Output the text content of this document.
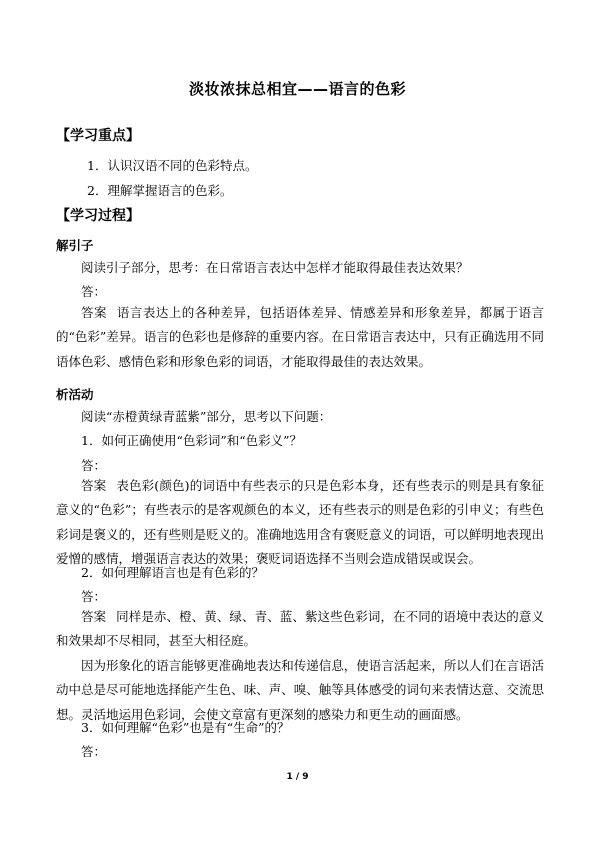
淡妆浓抹总相宜——语言的色彩
【学习重点】
1．认识汉语不同的色彩特点。
2．理解掌握语言的色彩。
【学习过程】
解引子
阅读引子部分，思考：在日常语言表达中怎样才能取得最佳表达效果？
答：
答案 语言表达上的各种差异，包括语体差异、情感差异和形象差异，都属于语言的“色彩”差异。语言的色彩也是修辞的重要内容。在日常语言表达中，只有正确选用不同语体色彩、感情色彩和形象色彩的词语，才能取得最佳的表达效果。
析活动
阅读“赤橙黄绿青蓝紫”部分，思考以下问题：
1．如何正确使用“色彩词”和“色彩义”？
答：
答案 表色彩(颜色)的词语中有些表示的只是色彩本身，还有些表示的则是具有象征意义的“色彩”；有些表示的是客观颜色的本义，还有些表示的则是色彩的引申义；有些色彩词是褒义的，还有些则是贬义的。准确地选用含有褒贬意义的词语，可以鲜明地表现出爱憎的感情，增强语言表达的效果；褒贬词语选择不当则会造成错误或误会。
2．如何理解语言也是有色彩的？
答：
答案 同样是赤、橙、黄、绿、青、蓝、紫这些色彩词，在不同的语境中表达的意义和效果却不尽相同，甚至大相径庭。
因为形象化的语言能够更准确地表达和传递信息，使语言活起来，所以人们在言语活动中总是尽可能地选择能产生色、味、声、嗅、触等具体感受的词句来表情达意、交流思想。灵活地运用色彩词，会使文章富有更深刻的感染力和更生动的画面感。
3．如何理解“色彩”也是有“生命”的？
答：
1 / 9
